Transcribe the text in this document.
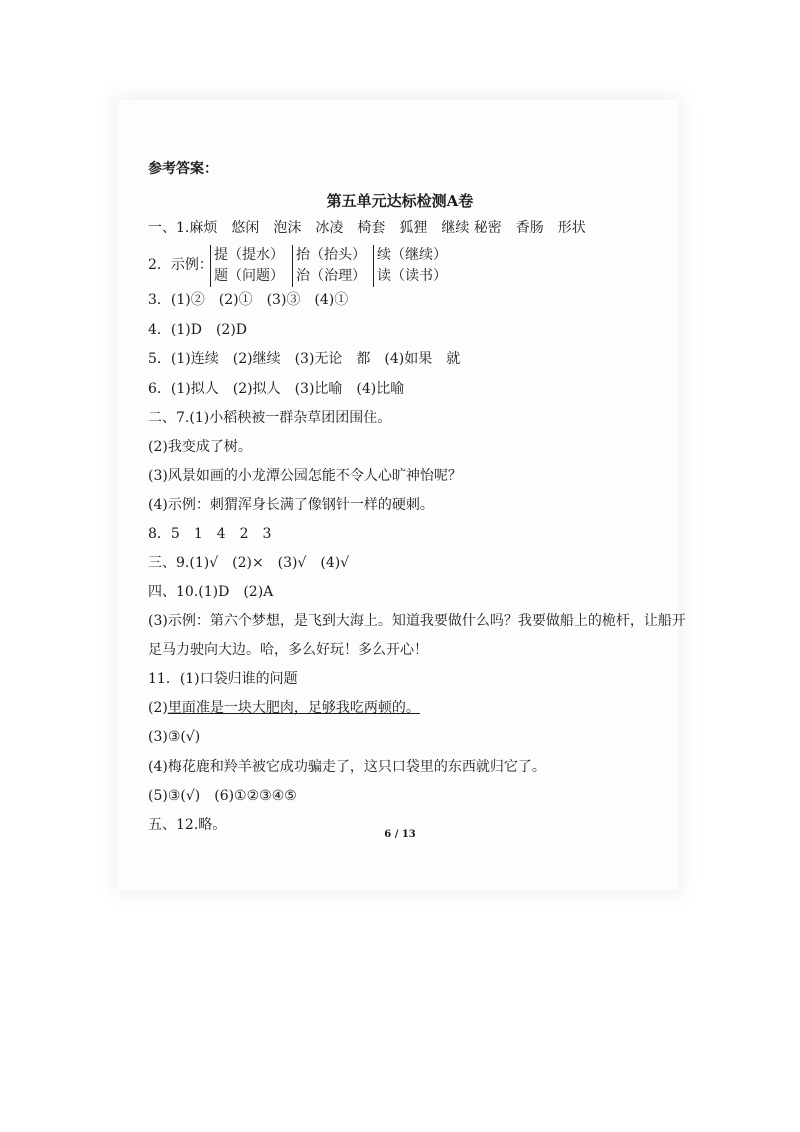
参考答案：
第五单元达标检测A卷
一、1.麻烦　悠闲　泡沫　冰凌　椅套　狐狸　继续 秘密　香肠　形状
2．示例：
提（提水）
题（问题）
抬（抬头）
治（治理）
续（继续）
读（读书）
3．(1)②　(2)①　(3)③　(4)①
4．(1)D　(2)D
5．(1)连续　(2)继续　(3)无论　都　(4)如果　就
6．(1)拟人　(2)拟人　(3)比喻　(4)比喻
二、7.(1)小稻秧被一群杂草团团围住。
(2)我变成了树。
(3)风景如画的小龙潭公园怎能不令人心旷神怡呢？
(4)示例：刺猬浑身长满了像钢针一样的硬刺。
8．5　1　4　2　3
三、9.(1)√　(2)×　(3)√　(4)√
四、10.(1)D　(2)A
(3)示例：第六个梦想，是飞到大海上。知道我要做什么吗？我要做船上的桅杆，让船开
足马力驶向大边。哈，多么好玩！多么开心！
11．(1)口袋归谁的问题
(2)里面准是一块大肥肉，足够我吃两顿的。
(3)③(√)
(4)梅花鹿和羚羊被它成功骗走了，这只口袋里的东西就归它了。
(5)③(√)　(6)①②③④⑤
五、12.略。
6 / 13
